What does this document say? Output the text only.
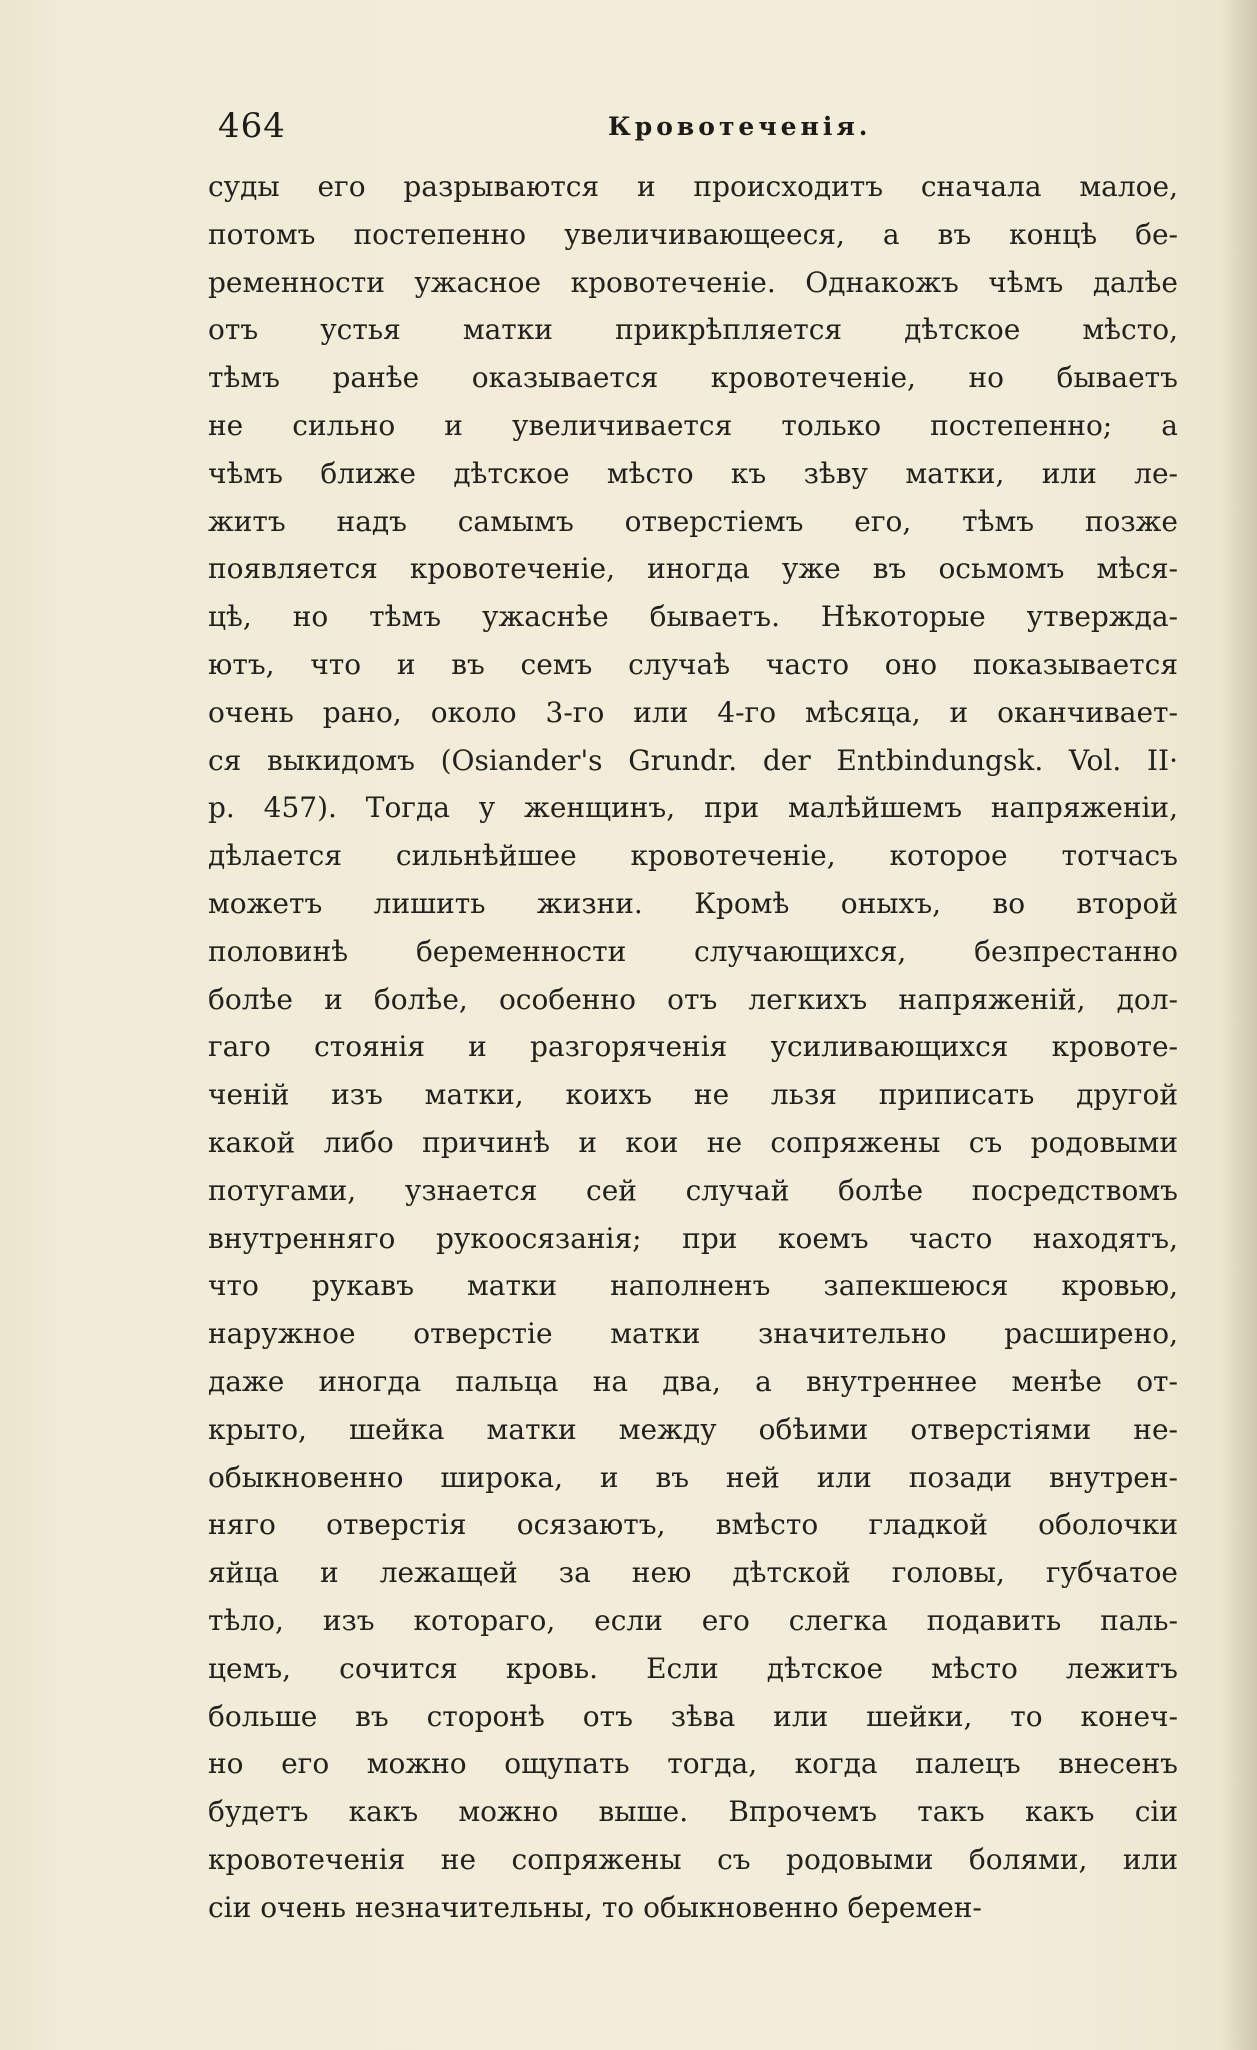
464	Кровотеченія.
суды его разрываются и происходитъ сначала малое,
потомъ постепенно увеличивающееся, а въ концѣ бе-
ременности ужасное кровотеченіе. Однакожъ чѣмъ далѣе
отъ устья матки прикрѣпляется дѣтское мѣсто,
тѣмъ ранѣе оказывается кровотеченіе, но бываетъ
не сильно и увеличивается только постепенно; а
чѣмъ ближе дѣтское мѣсто къ зѣву матки, или ле-
житъ надъ самымъ отверстіемъ его, тѣмъ позже
появляется кровотеченіе, иногда уже въ осьмомъ мѣся-
цѣ, но тѣмъ ужаснѣе бываетъ. Нѣкоторые утвержда-
ютъ, что и въ семъ случаѣ часто оно показывается
очень рано, около 3-го или 4-го мѣсяца, и оканчивает-
ся выкидомъ (Osiander's Grundr. der Entbindungsk. Vol. II·
p. 457). Тогда у женщинъ, при малѣйшемъ напряженіи,
дѣлается сильнѣйшее кровотеченіе, которое тотчасъ
можетъ лишить жизни. Кромѣ оныхъ, во второй
половинѣ беременности случающихся, безпрестанно
болѣе и болѣе, особенно отъ легкихъ напряженій, дол-
гаго стоянія и разгоряченія усиливающихся кровоте-
ченій изъ матки, коихъ не льзя приписать другой
какой либо причинѣ и кои не сопряжены съ родовыми
потугами, узнается сей случай болѣе посредствомъ
внутренняго рукоосязанія; при коемъ часто находятъ,
что рукавъ матки наполненъ запекшеюся кровью,
наружное отверстіе матки значительно расширено,
даже иногда пальца на два, а внутреннее менѣе от-
крыто, шейка матки между обѣими отверстіями не-
обыкновенно широка, и въ ней или позади внутрен-
няго отверстія осязаютъ, вмѣсто гладкой оболочки
яйца и лежащей за нею дѣтской головы, губчатое
тѣло, изъ котораго, если его слегка подавить паль-
цемъ, сочится кровь. Если дѣтское мѣсто лежитъ
больше въ сторонѣ отъ зѣва или шейки, то конеч-
но его можно ощупать тогда, когда палецъ внесенъ
будетъ какъ можно выше. Впрочемъ такъ какъ сіи
кровотеченія не сопряжены съ родовыми болями, или
сіи очень незначительны, то обыкновенно беремен-
